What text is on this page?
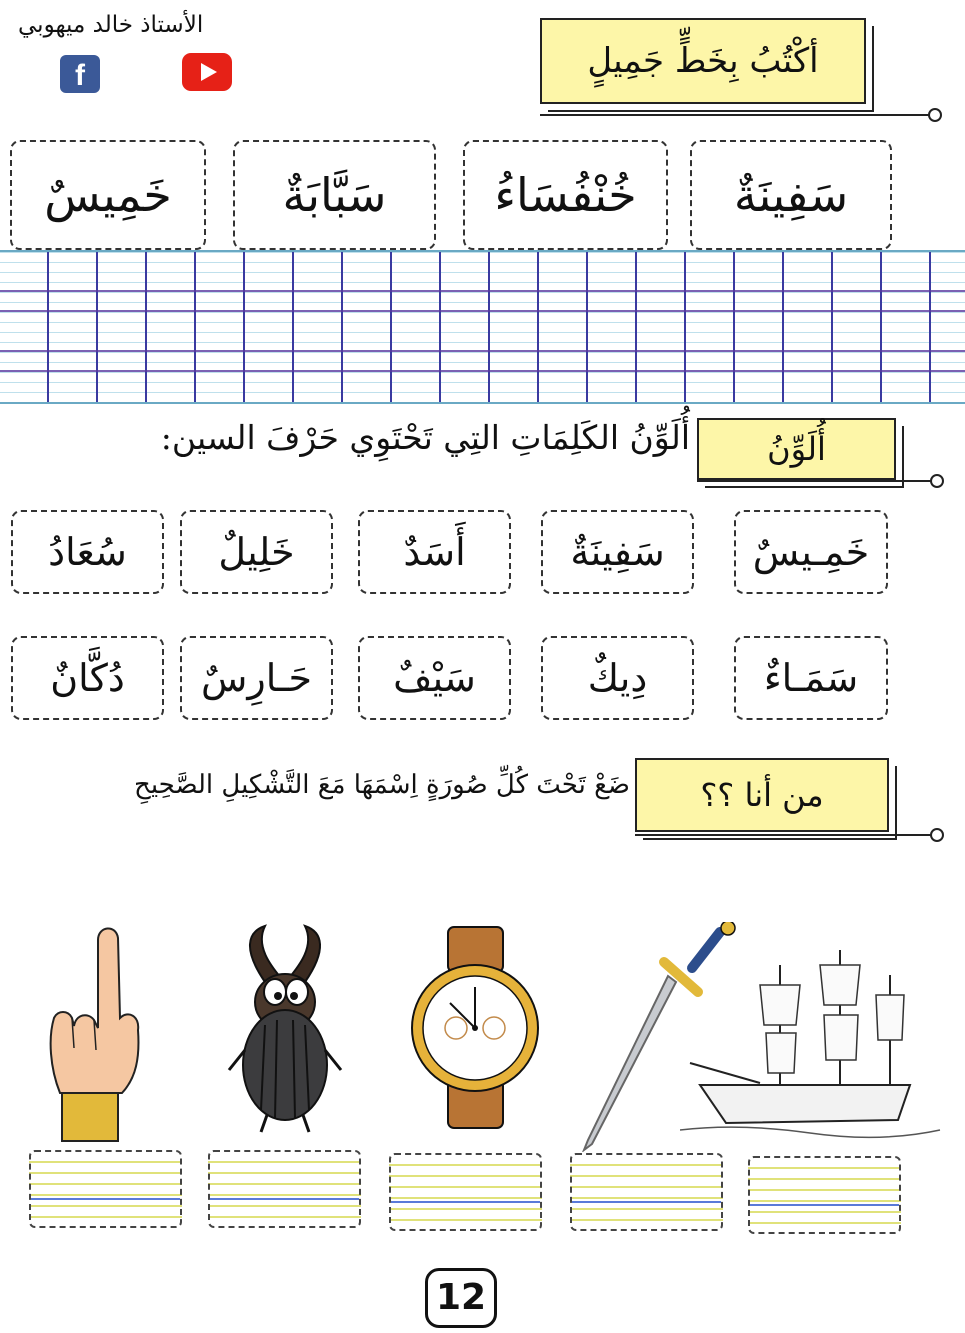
الأستاذ خالد ميهوبي
f	أكْتُبُ بِخَطٍّ جَمِيلٍ
سَفِينَةٌ
خُنْفُسَاءُ
سَبَّابَةٌ
خَمِيسٌ
أُلَوِّنُ
أُلَوِّنُ الكَلِمَاتِ التِي تَحْتَوِي حَرْفَ السين:
خَمِـيسٌ
سَفِينَةٌ
أَسَدٌ
خَلِيلٌ
سُعَادُ
سَمَـاءٌ
دِيكٌ
سَيْفٌ
حَـارِسٌ
دُكَّانٌ
من أنا ؟؟
ضَعْ تَحْتَ كُلِّ صُورَةٍ اِسْمَهَا مَعَ التَّشْكِيلِ الصَّحِيحِ
12
